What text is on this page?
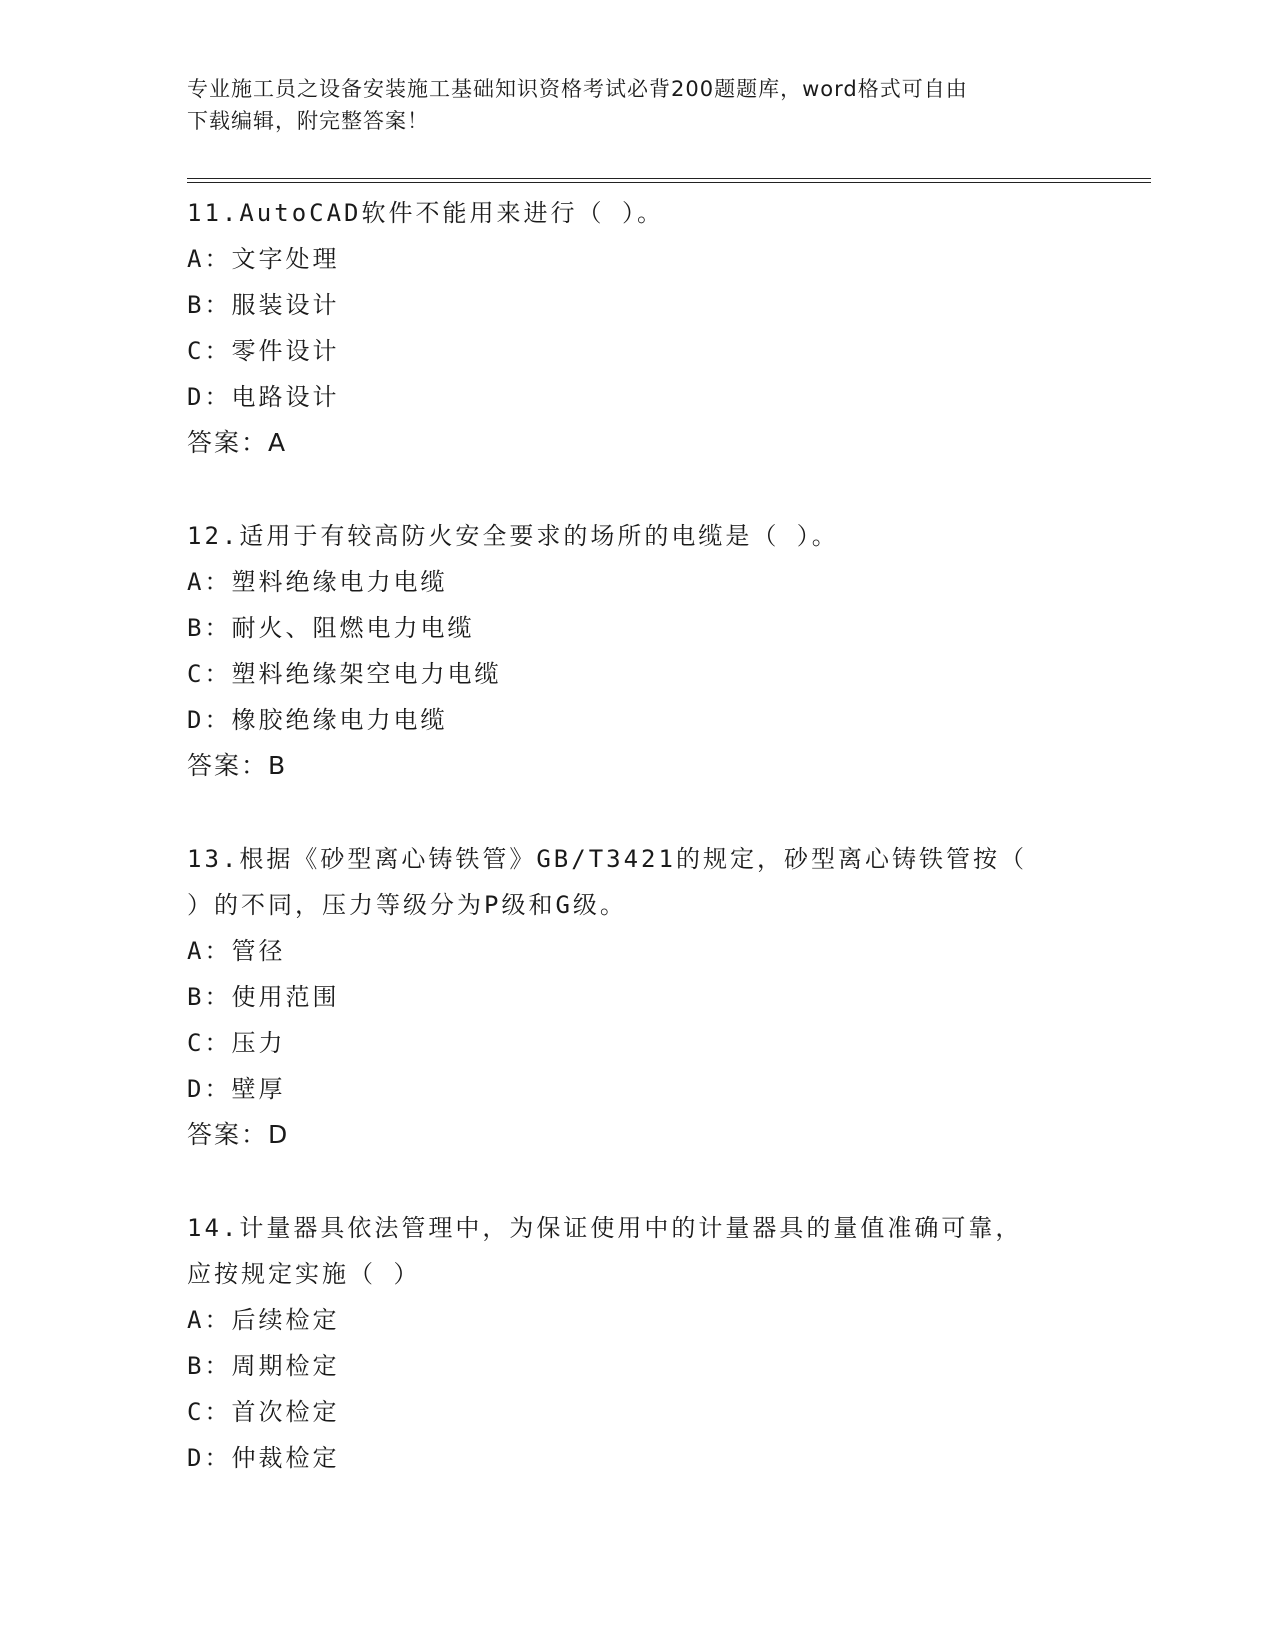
专业施工员之设备安装施工基础知识资格考试必背200题题库，word格式可自由
下载编辑，附完整答案！
11.AutoCAD软件不能用来进行（ ）。
A：文字处理
B：服装设计
C：零件设计
D：电路设计
答案：A
12.适用于有较高防火安全要求的场所的电缆是（ ）。
A：塑料绝缘电力电缆
B：耐火、阻燃电力电缆
C：塑料绝缘架空电力电缆
D：橡胶绝缘电力电缆
答案：B
13.根据《砂型离心铸铁管》GB/T3421的规定，砂型离心铸铁管按（
）的不同，压力等级分为P级和G级。
A：管径
B：使用范围
C：压力
D：壁厚
答案：D
14.计量器具依法管理中，为保证使用中的计量器具的量值准确可靠，
应按规定实施（ ）
A：后续检定
B：周期检定
C：首次检定
D：仲裁检定
